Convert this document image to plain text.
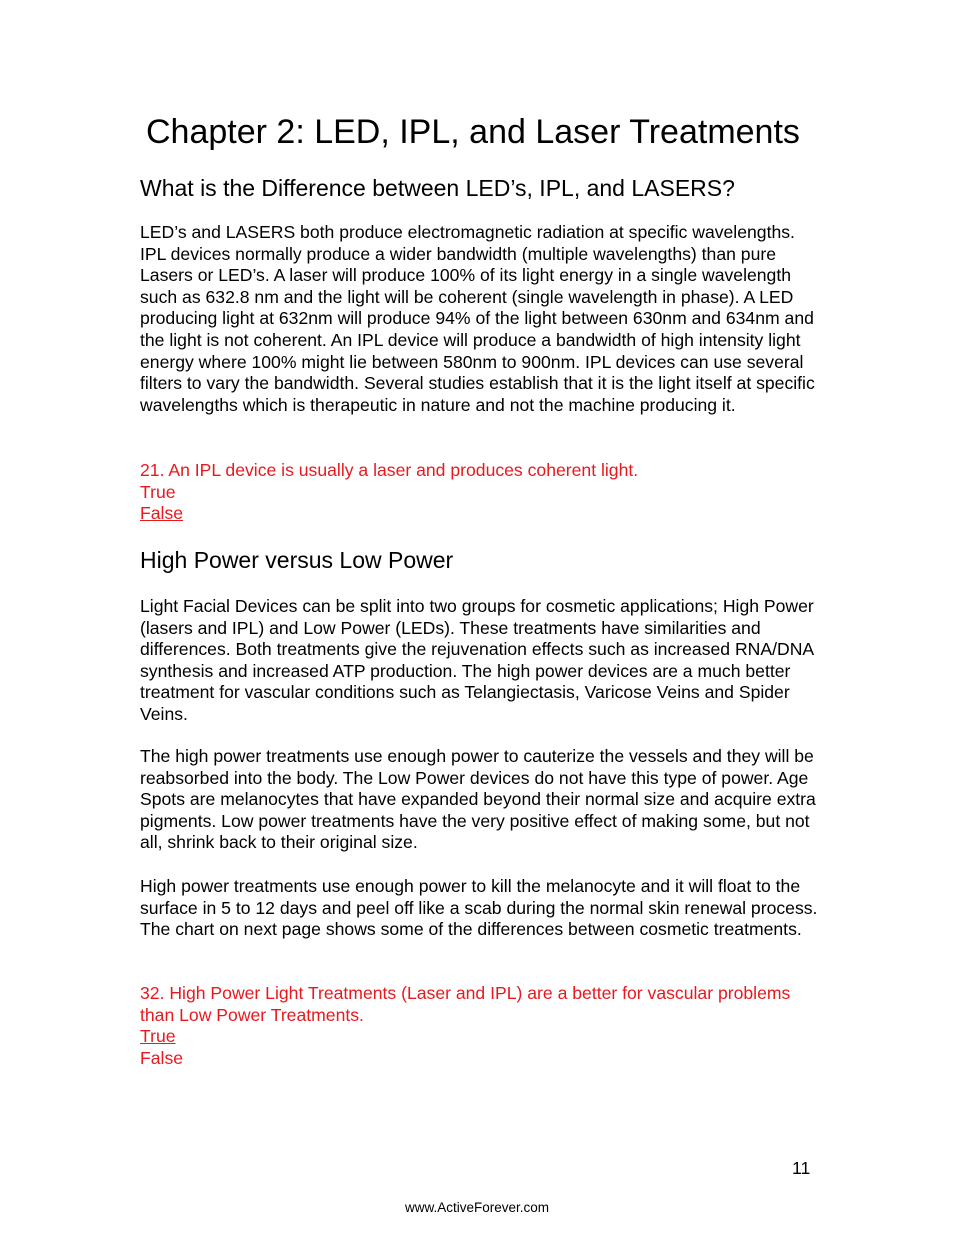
Chapter 2: LED, IPL, and Laser Treatments
What is the Difference between LED’s, IPL, and LASERS?

LED’s and LASERS both produce electromagnetic radiation at specific wavelengths. IPL devices normally produce a wider bandwidth (multiple wavelengths) than pure Lasers or LED’s. A laser will produce 100% of its light energy in a single wavelength such as 632.8 nm and the light will be coherent (single wavelength in phase). A LED producing light at 632nm will produce 94% of the light between 630nm and 634nm and the light is not coherent. An IPL device will produce a bandwidth of high intensity light energy where 100% might lie between 580nm to 900nm. IPL devices can use several filters to vary the bandwidth. Several studies establish that it is the light itself at specific wavelengths which is therapeutic in nature and not the machine producing it.

21. An IPL device is usually a laser and produces coherent light.
True
False
High Power versus Low Power

Light Facial Devices can be split into two groups for cosmetic applications; High Power (lasers and IPL) and Low Power (LEDs). These treatments have similarities and differences. Both treatments give the rejuvenation effects such as increased RNA/DNA synthesis and increased ATP production. The high power devices are a much better treatment for vascular conditions such as Telangiectasis, Varicose Veins and Spider Veins.

The high power treatments use enough power to cauterize the vessels and they will be reabsorbed into the body. The Low Power devices do not have this type of power. Age Spots are melanocytes that have expanded beyond their normal size and acquire extra pigments. Low power treatments have the very positive effect of making some, but not all, shrink back to their original size.

High power treatments use enough power to kill the melanocyte and it will float to the surface in 5 to 12 days and peel off like a scab during the normal skin renewal process. The chart on next page shows some of the differences between cosmetic treatments.

32. High Power Light Treatments (Laser and IPL) are a better for vascular problems than Low Power Treatments.
True
False
11
www.ActiveForever.com
